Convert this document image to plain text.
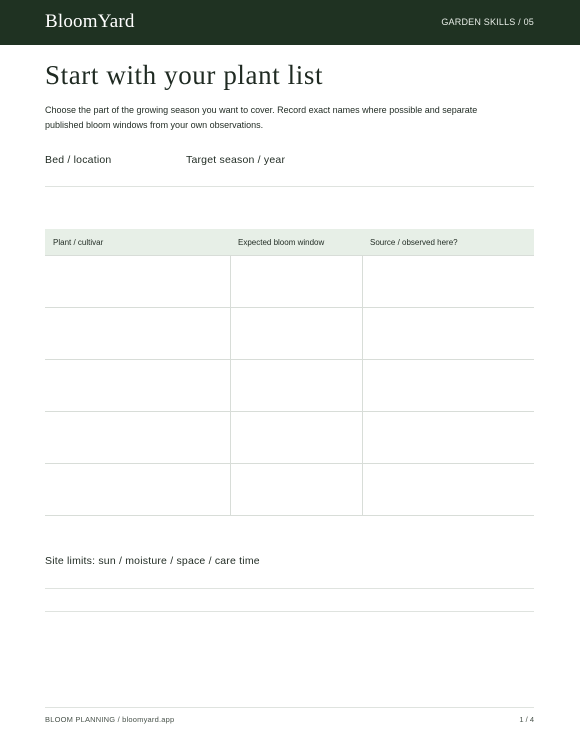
BloomYard	GARDEN SKILLS / 05
Start with your plant list

Choose the part of the growing season you want to cover. Record exact names where possible and separate published bloom windows from your own observations.

Bed / location	Target season / year
Plant / cultivar	Expected bloom window	Source / observed here?

Site limits: sun / moisture / space / care time
BLOOM PLANNING / bloomyard.app	1 / 4
